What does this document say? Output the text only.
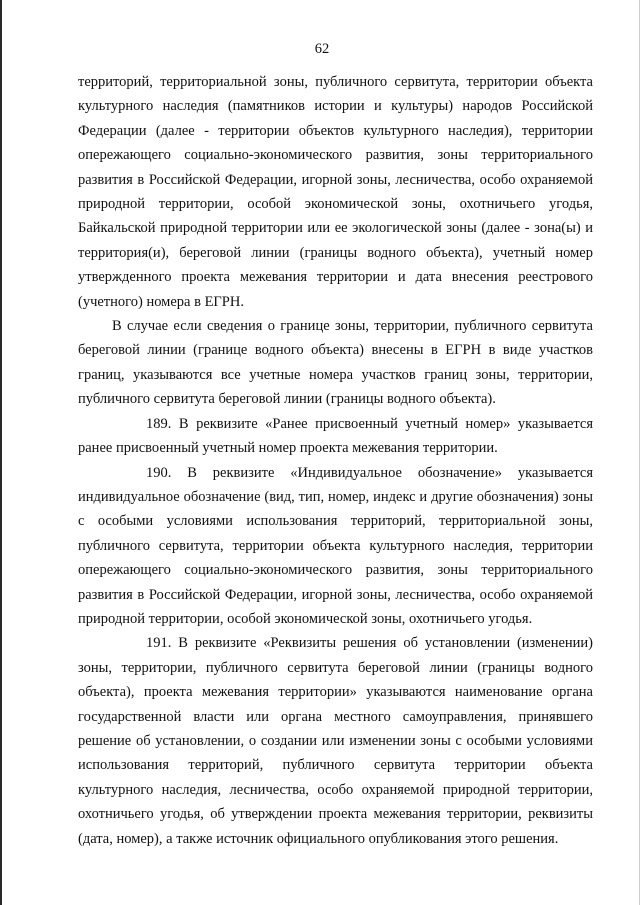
62

территорий, территориальной зоны, публичного сервитута, территории объекта культурного наследия (памятников истории и культуры) народов Российской Федерации (далее - территории объектов культурного наследия), территории опережающего социально-экономического развития, зоны территориального развития в Российской Федерации, игорной зоны, лесничества, особо охраняемой природной территории, особой экономической зоны, охотничьего угодья, Байкальской природной территории или ее экологической зоны (далее - зона(ы) и территория(и), береговой линии (границы водного объекта), учетный номер утвержденного проекта межевания территории и дата внесения реестрового (учетного) номера в ЕГРН.

В случае если сведения о границе зоны, территории, публичного сервитута береговой линии (границе водного объекта) внесены в ЕГРН в виде участков границ, указываются все учетные номера участков границ зоны, территории, публичного сервитута береговой линии (границы водного объекта).

189. В реквизите «Ранее присвоенный учетный номер» указывается ранее присвоенный учетный номер проекта межевания территории.

190. В реквизите «Индивидуальное обозначение» указывается индивидуальное обозначение (вид, тип, номер, индекс и другие обозначения) зоны с особыми условиями использования территорий, территориальной зоны, публичного сервитута, территории объекта культурного наследия, территории опережающего социально-экономического развития, зоны территориального развития в Российской Федерации, игорной зоны, лесничества, особо охраняемой природной территории, особой экономической зоны, охотничьего угодья.

191. В реквизите «Реквизиты решения об установлении (изменении) зоны, территории, публичного сервитута береговой линии (границы водного объекта), проекта межевания территории» указываются наименование органа государственной власти или органа местного самоуправления, принявшего решение об установлении, о создании или изменении зоны с особыми условиями использования территорий, публичного сервитута территории объекта культурного наследия, лесничества, особо охраняемой природной территории, охотничьего угодья, об утверждении проекта межевания территории, реквизиты (дата, номер), а также источник официального опубликования этого решения.
